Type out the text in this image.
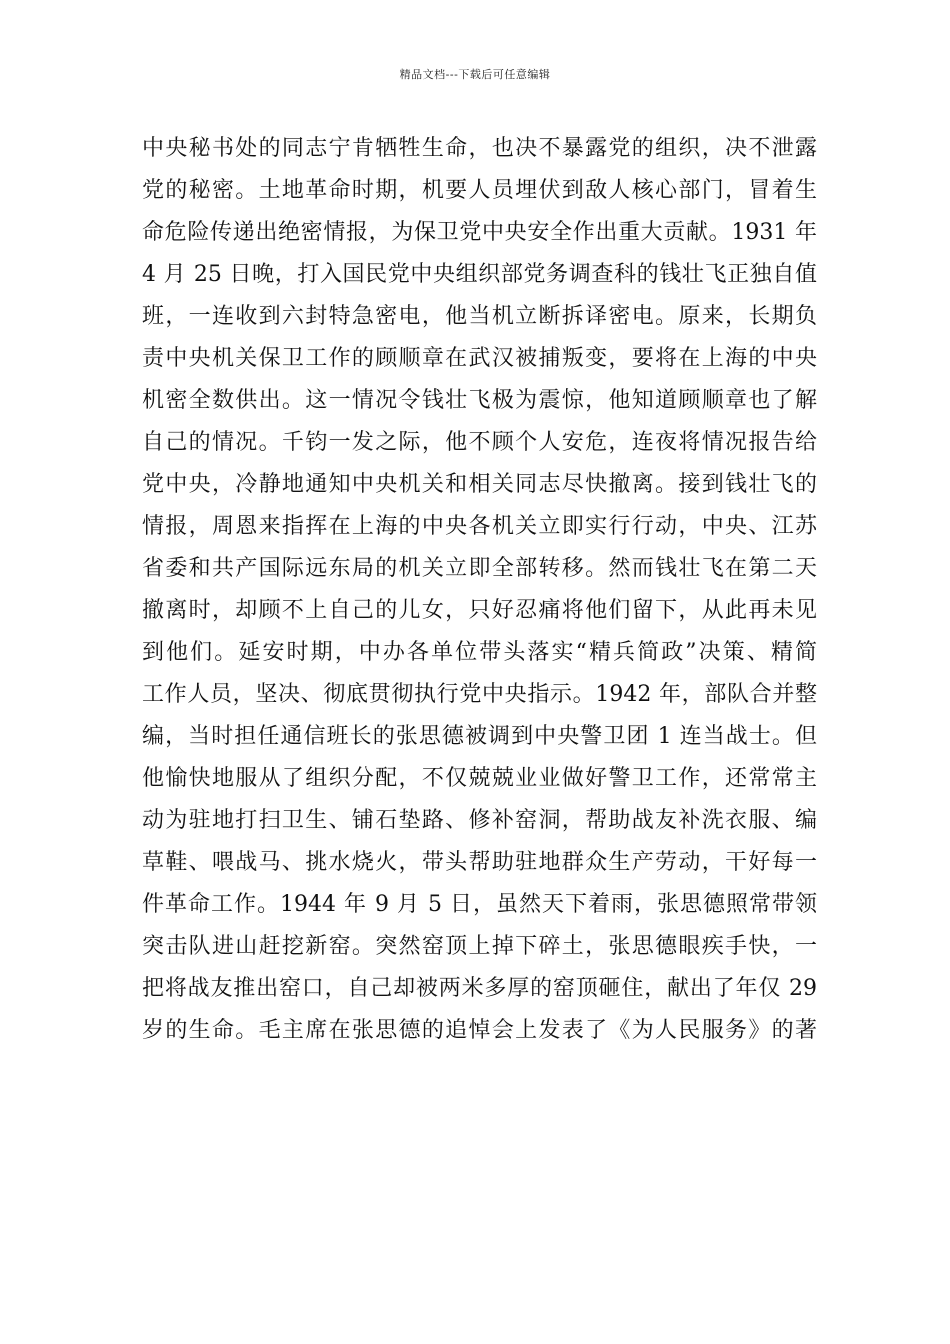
精品文档---下载后可任意编辑
中央秘书处的同志宁肯牺牲生命，也决不暴露党的组织，决不泄露
党的秘密。土地革命时期，机要人员埋伏到敌人核心部门，冒着生
命危险传递出绝密情报，为保卫党中央安全作出重大贡献。1931 年
4 月 25 日晚，打入国民党中央组织部党务调查科的钱壮飞正独自值
班，一连收到六封特急密电，他当机立断拆译密电。原来，长期负
责中央机关保卫工作的顾顺章在武汉被捕叛变，要将在上海的中央
机密全数供出。这一情况令钱壮飞极为震惊，他知道顾顺章也了解
自己的情况。千钧一发之际，他不顾个人安危，连夜将情况报告给
党中央，冷静地通知中央机关和相关同志尽快撤离。接到钱壮飞的
情报，周恩来指挥在上海的中央各机关立即实行行动，中央、江苏
省委和共产国际远东局的机关立即全部转移。然而钱壮飞在第二天
撤离时，却顾不上自己的儿女，只好忍痛将他们留下，从此再未见
到他们。延安时期，中办各单位带头落实“精兵简政”决策、精简
工作人员，坚决、彻底贯彻执行党中央指示。1942 年，部队合并整
编，当时担任通信班长的张思德被调到中央警卫团 1 连当战士。但
他愉快地服从了组织分配，不仅兢兢业业做好警卫工作，还常常主
动为驻地打扫卫生、铺石垫路、修补窑洞，帮助战友补洗衣服、编
草鞋、喂战马、挑水烧火，带头帮助驻地群众生产劳动，干好每一
件革命工作。1944 年 9 月 5 日，虽然天下着雨，张思德照常带领
突击队进山赶挖新窑。突然窑顶上掉下碎土，张思德眼疾手快，一
把将战友推出窑口，自己却被两米多厚的窑顶砸住，献出了年仅 29
岁的生命。毛主席在张思德的追悼会上发表了《为人民服务》的著
